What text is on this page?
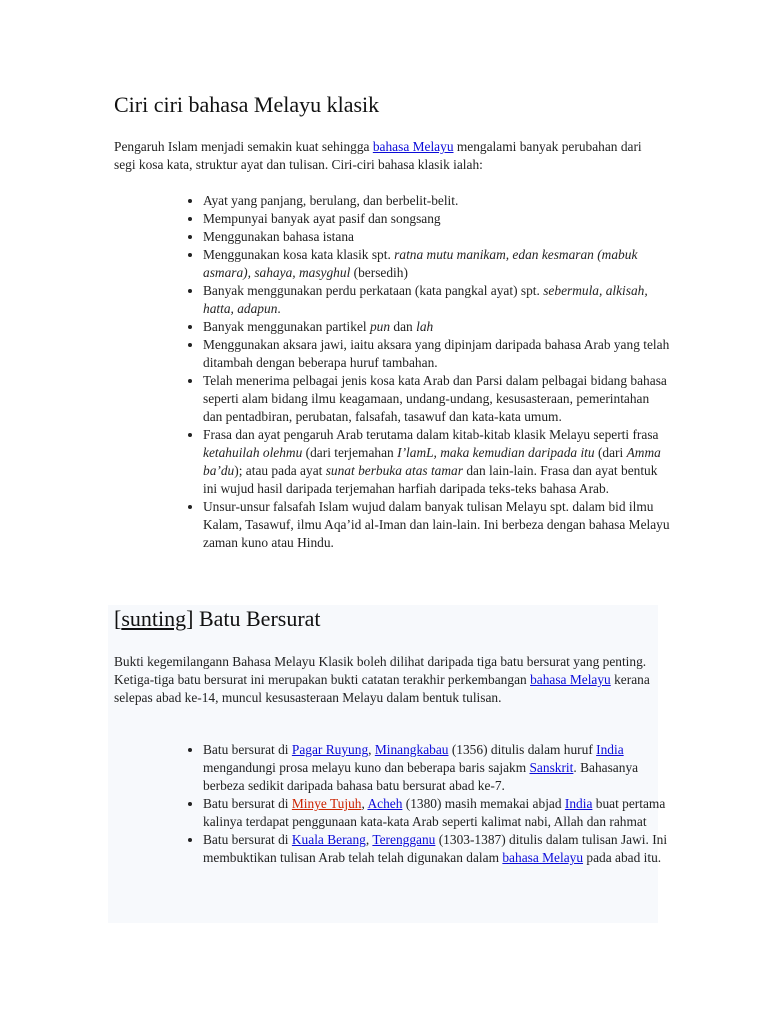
Ciri ciri bahasa Melayu klasik

Pengaruh Islam menjadi semakin kuat sehingga bahasa Melayu mengalami banyak perubahan dari segi kosa kata, struktur ayat dan tulisan. Ciri-ciri bahasa klasik ialah:

• Ayat yang panjang, berulang, dan berbelit-belit.
• Mempunyai banyak ayat pasif dan songsang
• Menggunakan bahasa istana
• Menggunakan kosa kata klasik spt. ratna mutu manikam, edan kesmaran (mabuk asmara), sahaya, masyghul (bersedih)
• Banyak menggunakan perdu perkataan (kata pangkal ayat) spt. sebermula, alkisah, hatta, adapun.
• Banyak menggunakan partikel pun dan lah
• Menggunakan aksara jawi, iaitu aksara yang dipinjam daripada bahasa Arab yang telah ditambah dengan beberapa huruf tambahan.
• Telah menerima pelbagai jenis kosa kata Arab dan Parsi dalam pelbagai bidang bahasa seperti alam bidang ilmu keagamaan, undang-undang, kesusasteraan, pemerintahan dan pentadbiran, perubatan, falsafah, tasawuf dan kata-kata umum.
• Frasa dan ayat pengaruh Arab terutama dalam kitab-kitab klasik Melayu seperti frasa ketahuilah olehmu (dari terjemahan I’lamL, maka kemudian daripada itu (dari Amma ba’du); atau pada ayat sunat berbuka atas tamar dan lain-lain. Frasa dan ayat bentuk ini wujud hasil daripada terjemahan harfiah daripada teks-teks bahasa Arab.
• Unsur-unsur falsafah Islam wujud dalam banyak tulisan Melayu spt. dalam bid ilmu Kalam, Tasawuf, ilmu Aqa’id al-Iman dan lain-lain. Ini berbeza dengan bahasa Melayu zaman kuno atau Hindu.
[sunting] Batu Bersurat

Bukti kegemilangann Bahasa Melayu Klasik boleh dilihat daripada tiga batu bersurat yang penting. Ketiga-tiga batu bersurat ini merupakan bukti catatan terakhir perkembangan bahasa Melayu kerana selepas abad ke-14, muncul kesusasteraan Melayu dalam bentuk tulisan.

• Batu bersurat di Pagar Ruyung, Minangkabau (1356) ditulis dalam huruf India mengandungi prosa melayu kuno dan beberapa baris sajakm Sanskrit. Bahasanya berbeza sedikit daripada bahasa batu bersurat abad ke-7.
• Batu bersurat di Minye Tujuh, Acheh (1380) masih memakai abjad India buat pertama kalinya terdapat penggunaan kata-kata Arab seperti kalimat nabi, Allah dan rahmat
• Batu bersurat di Kuala Berang, Terengganu (1303-1387) ditulis dalam tulisan Jawi. Ini membuktikan tulisan Arab telah telah digunakan dalam bahasa Melayu pada abad itu.
